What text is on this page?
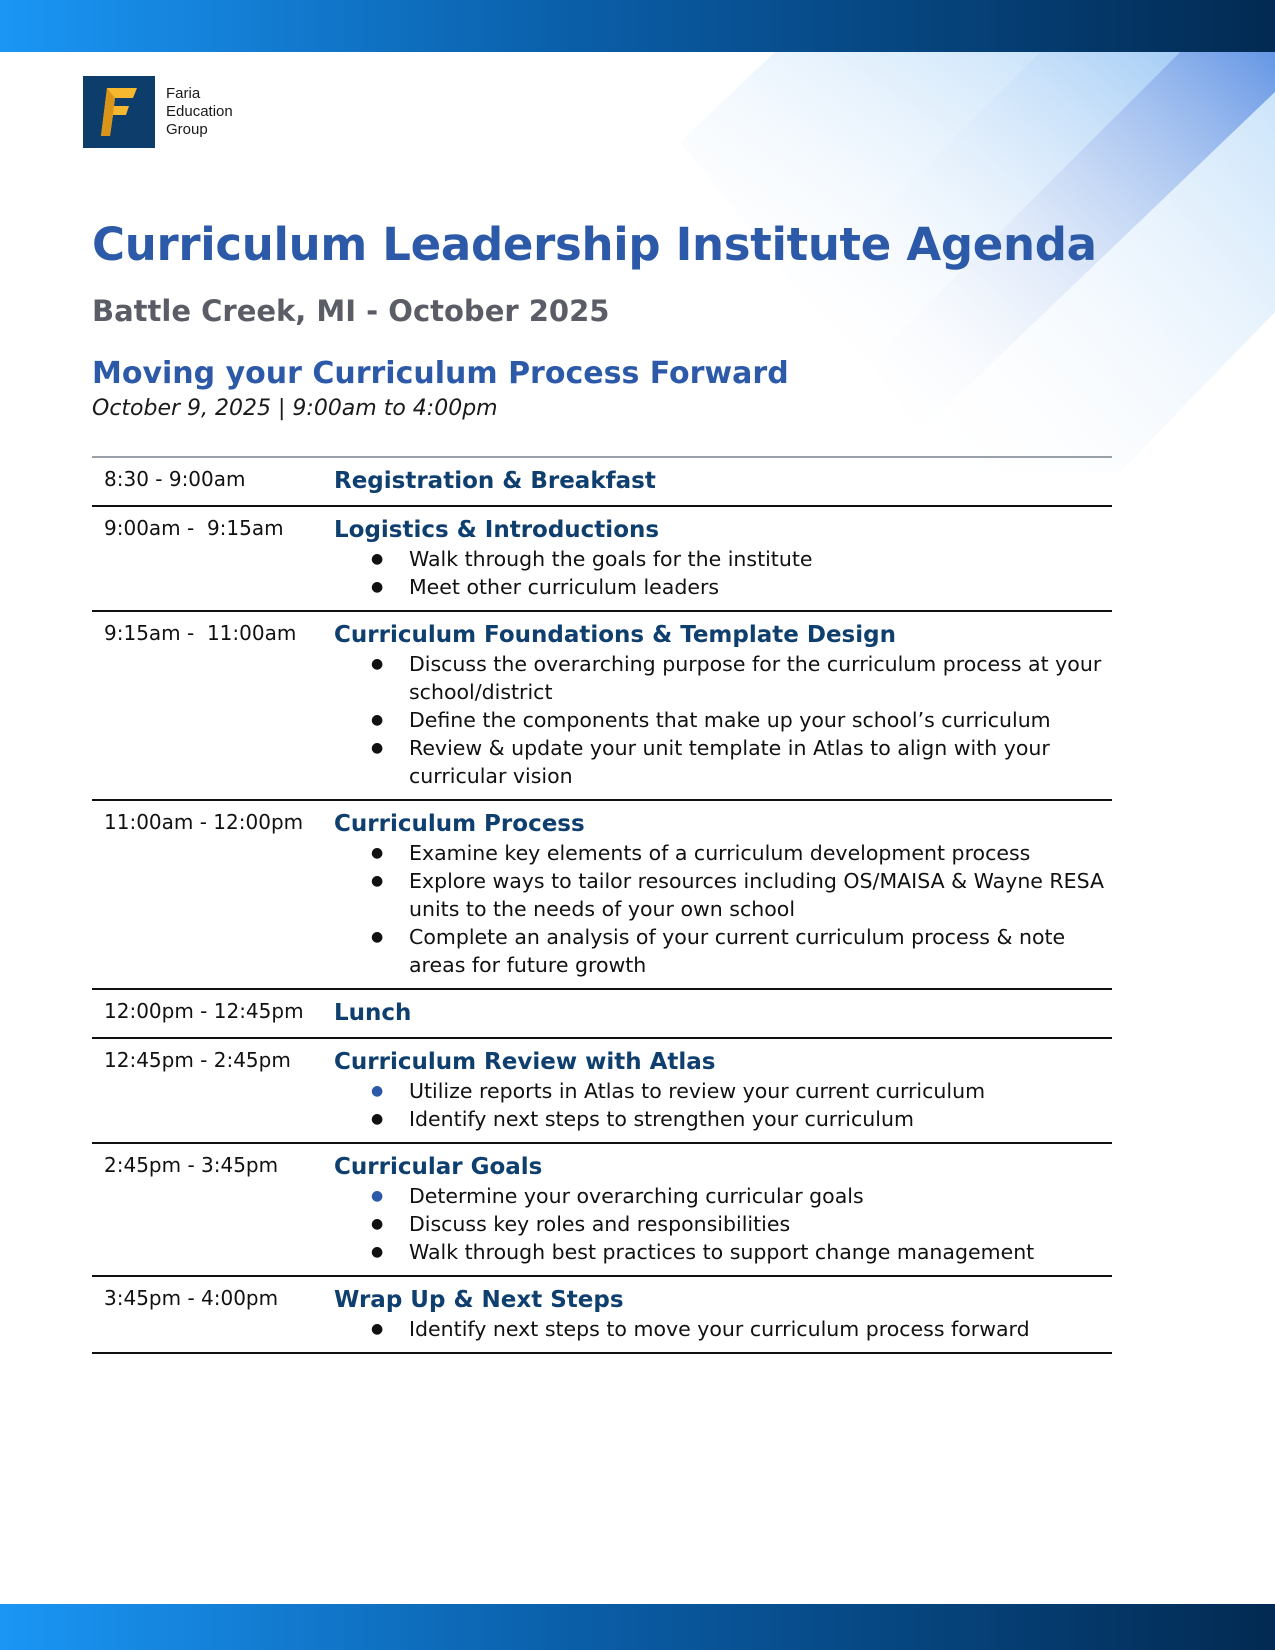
Faria
Education
Group
Curriculum Leadership Institute Agenda
Battle Creek, MI - October 2025
Moving your Curriculum Process Forward

October 9, 2025 | 9:00am to 4:00pm

8:30 - 9:00am	Registration & Breakfast
9:00am -  9:15am	Logistics & Introductions
● Walk through the goals for the institute
● Meet other curriculum leaders
9:15am -  11:00am	Curriculum Foundations & Template Design
● Discuss the overarching purpose for the curriculum process at your school/district
● Define the components that make up your school’s curriculum
● Review & update your unit template in Atlas to align with your curricular vision
11:00am - 12:00pm	Curriculum Process
● Examine key elements of a curriculum development process
● Explore ways to tailor resources including OS/MAISA & Wayne RESA units to the needs of your own school
● Complete an analysis of your current curriculum process & note areas for future growth
12:00pm - 12:45pm	Lunch
12:45pm - 2:45pm	Curriculum Review with Atlas
● Utilize reports in Atlas to review your current curriculum
● Identify next steps to strengthen your curriculum
2:45pm - 3:45pm	Curricular Goals
● Determine your overarching curricular goals
● Discuss key roles and responsibilities
● Walk through best practices to support change management
3:45pm - 4:00pm	Wrap Up & Next Steps
● Identify next steps to move your curriculum process forward
